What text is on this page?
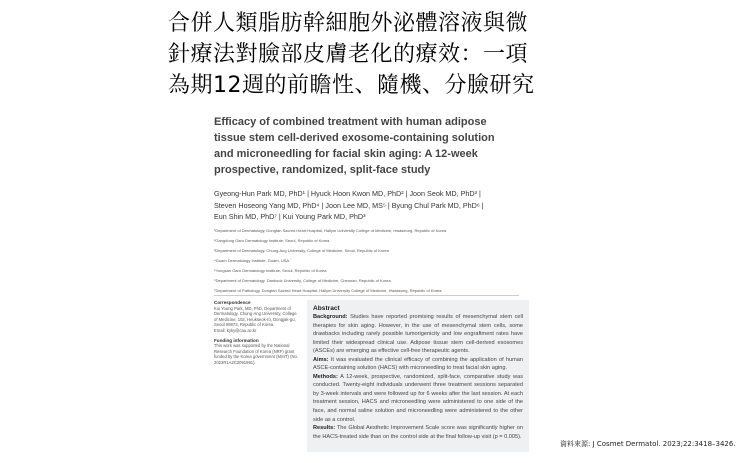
合併人類脂肪幹細胞外泌體溶液與微
針療法對臉部皮膚老化的療效：一項
為期12週的前瞻性、隨機、分臉研究
Efficacy of combined treatment with human adipose tissue stem cell-derived exosome-containing solution and microneedling for facial skin aging: A 12-week prospective, randomized, split-face study
Gyeong-Hun Park MD, PhD¹ | Hyuck Hoon Kwon MD, PhD² | Joon Seok MD, PhD³ |
Steven Hoseong Yang MD, PhD⁴ | Joon Lee MD, MS⁵ | Byung Chul Park MD, PhD⁶ |
Eun Shin MD, PhD⁷ | Kui Young Park MD, PhD³
¹Department of Dermatology, Dongtan Sacred Heart Hospital, Hallym University College of Medicine, Hwaseong, Republic of Korea
²Gangdong Oaro Dermatology Institute, Seoul, Republic of Korea
³Department of Dermatology, Chung-Ang University, College of Medicine, Seoul, Republic of Korea
⁴Guam Dermatology Institute, Guam, USA
⁵Yongsan Oaro Dermatology Institute, Seoul, Republic of Korea
⁶Department of Dermatology, Dankook University, College of Medicine, Cheonan, Republic of Korea
⁷Department of Pathology, Dongtan Sacred Heart Hospital, Hallym University College of Medicine, Hwaseong, Republic of Korea
Correspondence
Kui Young Park, MD, PhD, Department of Dermatology, Chung-Ang University, College of Medicine, 102, Heukseok-ro, Dongjak-gu, Seoul 06973, Republic of Korea.
Email: kyky@cau.ac.kr
Funding information
This work was supported by the National Research Foundation of Korea (NRF) grant funded by the Korea government (MSIT) (No. 2022R1A2C2091991).
Abstract

Background: Studies have reported promising results of mesenchymal stem cell therapies for skin aging. However, in the use of mesenchymal stem cells, some drawbacks including rarely possible tumorigenicity and low engraftment rates have limited their widespread clinical use. Adipose tissue stem cell-derived exosomes (ASCEs) are emerging as effective cell-free therapeutic agents.

Aims: It was evaluated the clinical efficacy of combining the application of human ASCE-containing solution (HACS) with microneedling to treat facial skin aging.

Methods: A 12-week, prospective, randomized, split-face, comparative study was conducted. Twenty-eight individuals underwent three treatment sessions separated by 3-week intervals and were followed up for 6 weeks after the last session. At each treatment session, HACS and microneedling were administered to one side of the face, and normal saline solution and microneedling were administered to the other side as a control.

Results: The Global Aesthetic Improvement Scale score was significantly higher on the HACS-treated side than on the control side at the final follow-up visit (p = 0.005).

資料來源: J Cosmet Dermatol. 2023;22:3418–3426.
